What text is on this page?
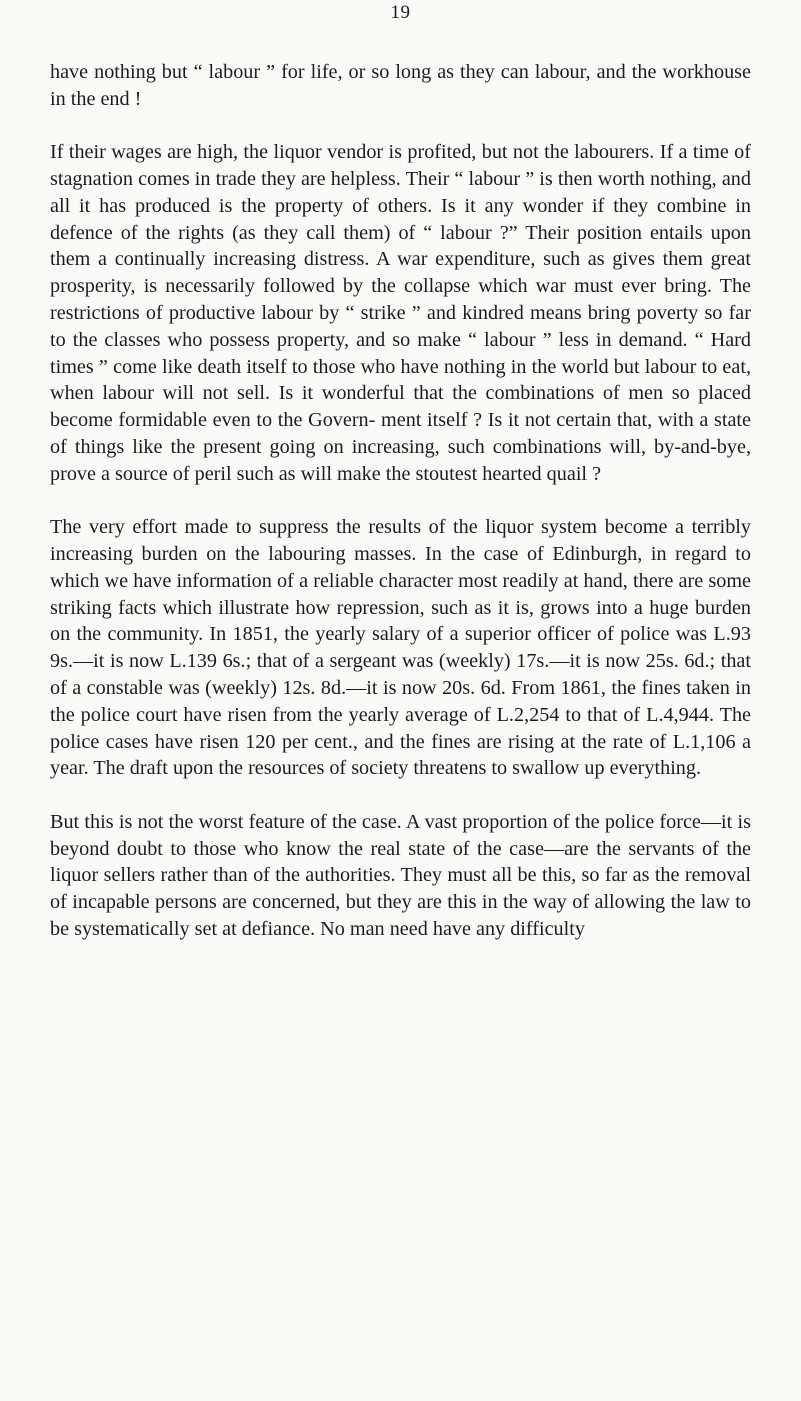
19

have nothing but “ labour ” for life, or so long as they can labour, and the workhouse in the end !

If their wages are high, the liquor vendor is profited, but not the labourers. If a time of stagnation comes in trade they are helpless. Their “ labour ” is then worth nothing, and all it has produced is the property of others. Is it any wonder if they combine in defence of the rights (as they call them) of “ labour ?” Their position entails upon them a continually increasing distress. A war expenditure, such as gives them great prosperity, is necessarily followed by the collapse which war must ever bring. The restrictions of productive labour by “ strike ” and kindred means bring poverty so far to the classes who possess property, and so make “ labour ” less in demand. “ Hard times ” come like death itself to those who have nothing in the world but labour to eat, when labour will not sell. Is it wonderful that the combinations of men so placed become formidable even to the Govern- ment itself ? Is it not certain that, with a state of things like the present going on increasing, such combinations will, by-and-bye, prove a source of peril such as will make the stoutest hearted quail ?

The very effort made to suppress the results of the liquor system become a terribly increasing burden on the labouring masses. In the case of Edinburgh, in regard to which we have information of a reliable character most readily at hand, there are some striking facts which illustrate how repression, such as it is, grows into a huge burden on the community. In 1851, the yearly salary of a superior officer of police was L.93 9s.—it is now L.139 6s.; that of a sergeant was (weekly) 17s.—it is now 25s. 6d.; that of a constable was (weekly) 12s. 8d.—it is now 20s. 6d. From 1861, the fines taken in the police court have risen from the yearly average of L.2,254 to that of L.4,944. The police cases have risen 120 per cent., and the fines are rising at the rate of L.1,106 a year. The draft upon the resources of society threatens to swallow up everything.

But this is not the worst feature of the case. A vast proportion of the police force—it is beyond doubt to those who know the real state of the case—are the servants of the liquor sellers rather than of the authorities. They must all be this, so far as the removal of incapable persons are concerned, but they are this in the way of allowing the law to be systematically set at defiance. No man need have any difficulty
